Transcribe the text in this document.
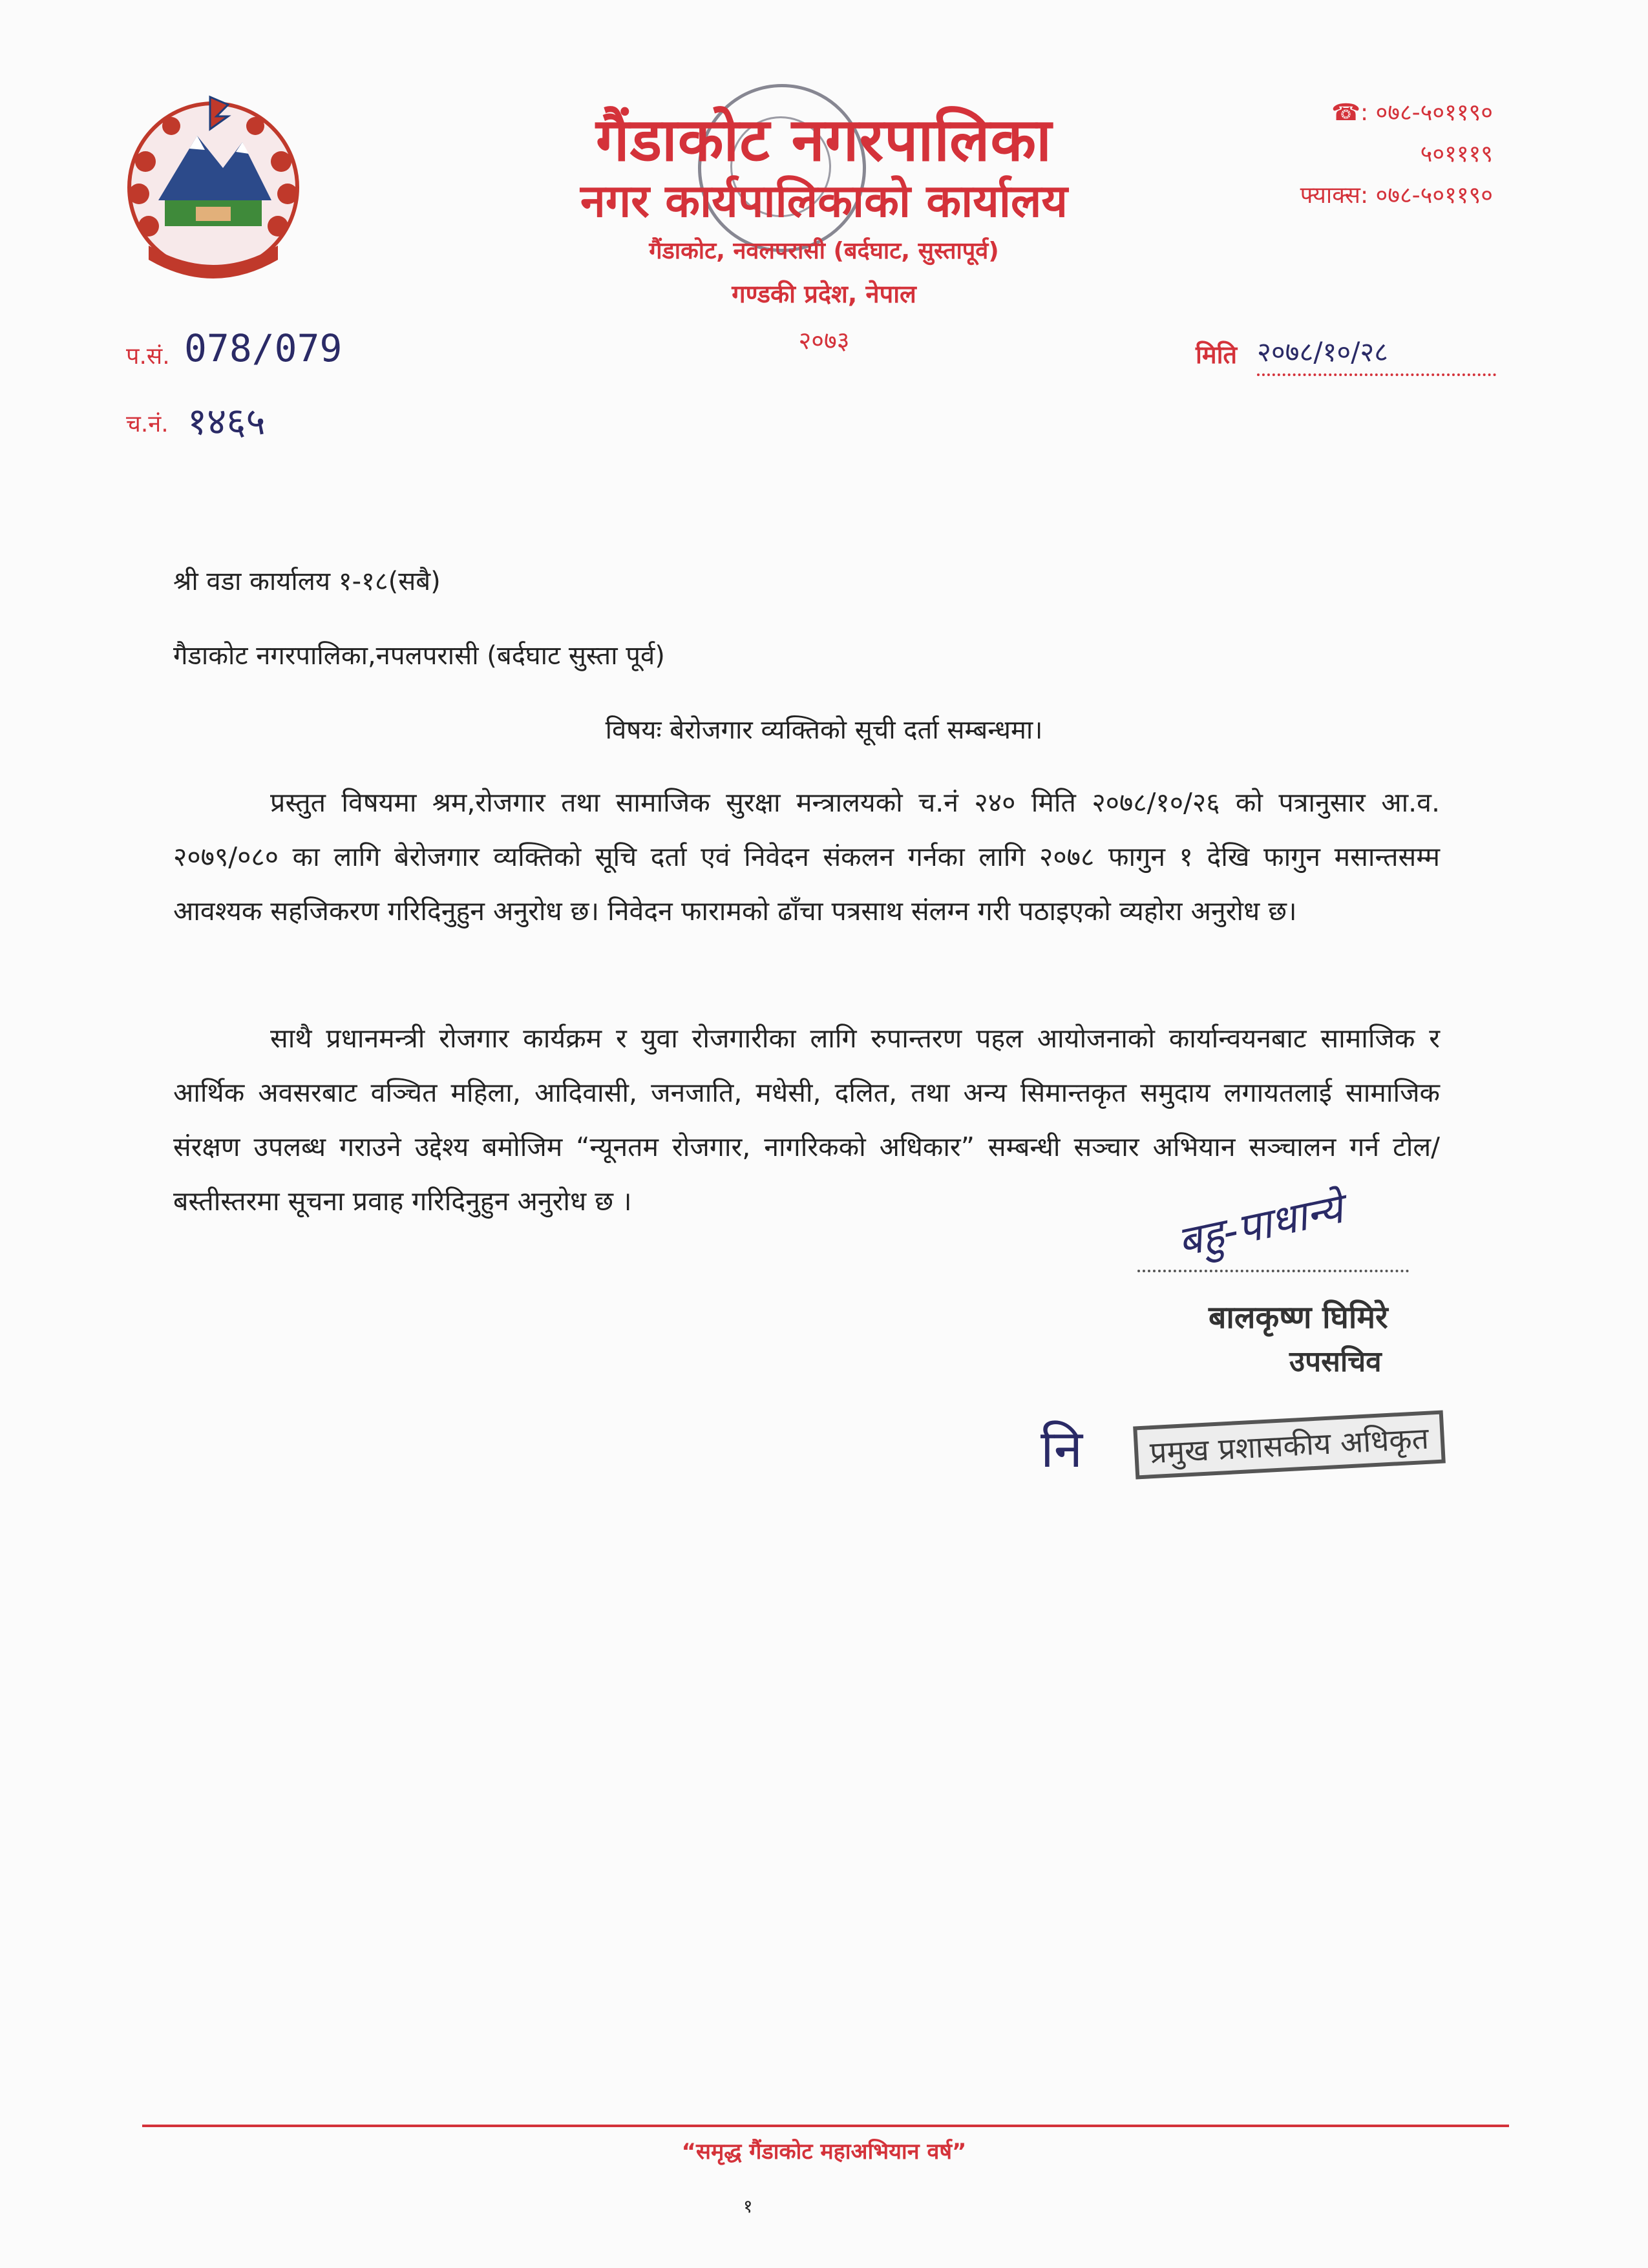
गैंडाकोट नगरपालिका
नगर कार्यपालिकाको कार्यालय
गैंडाकोट, नवलपरासी (बर्दघाट, सुस्तापूर्व)
गण्डकी प्रदेश, नेपाल
२०७३
☎: ०७८-५०११९०
५०१११९
फ्याक्स: ०७८-५०११९०
प.सं. 078/079
च.नं. १४६५
मिति २०७८/१०/२८
श्री वडा कार्यालय १-१८(सबै)
गैडाकोट नगरपालिका,नपलपरासी (बर्दघाट सुस्ता पूर्व)
विषयः बेरोजगार व्यक्तिको सूची दर्ता सम्बन्धमा।
प्रस्तुत विषयमा श्रम,रोजगार तथा सामाजिक सुरक्षा मन्त्रालयको च.नं २४० मिति २०७८/१०/२६ को पत्रानुसार आ.व. २०७९/०८० का लागि बेरोजगार व्यक्तिको सूचि दर्ता एवं निवेदन संकलन गर्नका लागि २०७८ फागुन १ देखि फागुन मसान्तसम्म आवश्यक सहजिकरण गरिदिनुहुन अनुरोध छ। निवेदन फारामको ढाँचा पत्रसाथ संलग्न गरी पठाइएको व्यहोरा अनुरोध छ।
साथै प्रधानमन्त्री रोजगार कार्यक्रम र युवा रोजगारीका लागि रुपान्तरण पहल आयोजनाको कार्यान्वयनबाट सामाजिक र आर्थिक अवसरबाट वञ्चित महिला, आदिवासी, जनजाति, मधेसी, दलित, तथा अन्य सिमान्तकृत समुदाय लगायतलाई सामाजिक संरक्षण उपलब्ध गराउने उद्देश्य बमोजिम “न्यूनतम रोजगार, नागरिकको अधिकार” सम्बन्धी सञ्चार अभियान सञ्चालन गर्न टोल/बस्तीस्तरमा सूचना प्रवाह गरिदिनुहुन अनुरोध छ ।	बहु-पाधान्ये
बालकृष्ण घिमिरे
उपसचिव
नि	प्रमुख प्रशासकीय अधिकृत
“समृद्ध गैंडाकोट महाअभियान वर्ष”
१
